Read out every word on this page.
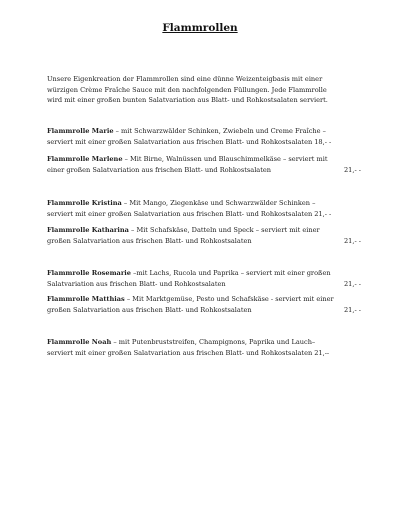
Flammrollen
Unsere Eigenkreation der Flammrollen sind eine dünne Weizenteigbasis mit einer
würzigen Crème Fraîche Sauce mit den nachfolgenden Füllungen. Jede Flammrolle
wird mit einer großen bunten Salatvariation aus Blatt- und Rohkostsalaten serviert.
Flammrolle Marie – mit Schwarzwälder Schinken, Zwiebeln und Creme Fraîche –
serviert mit einer großen Salatvariation aus frischen Blatt- und Rohkostsalaten 18,- -
Flammrolle Marlene – Mit Birne, Walnüssen und Blauschimmelkäse – serviert mit
einer großen Salatvariation aus frischen Blatt- und Rohkostsalaten	21,- -
Flammrolle Kristina – Mit Mango, Ziegenkäse und Schwarzwälder Schinken –
serviert mit einer großen Salatvariation aus frischen Blatt- und Rohkostsalaten 21,- -
Flammrolle Katharina – Mit Schafskäse, Datteln und Speck – serviert mit einer
großen Salatvariation aus frischen Blatt- und Rohkostsalaten	21,- -
Flammrolle Rosemarie –mit Lachs, Rucola und Paprika – serviert mit einer großen
Salatvariation aus frischen Blatt- und Rohkostsalaten	21,- -
Flammrolle Matthias – Mit Marktgemüse, Pesto und Schafskäse - serviert mit einer
großen Salatvariation aus frischen Blatt- und Rohkostsalaten	21,- -
Flammrolle Noah – mit Putenbruststreifen, Champignons, Paprika und Lauch–
serviert mit einer großen Salatvariation aus frischen Blatt- und Rohkostsalaten 21,--
